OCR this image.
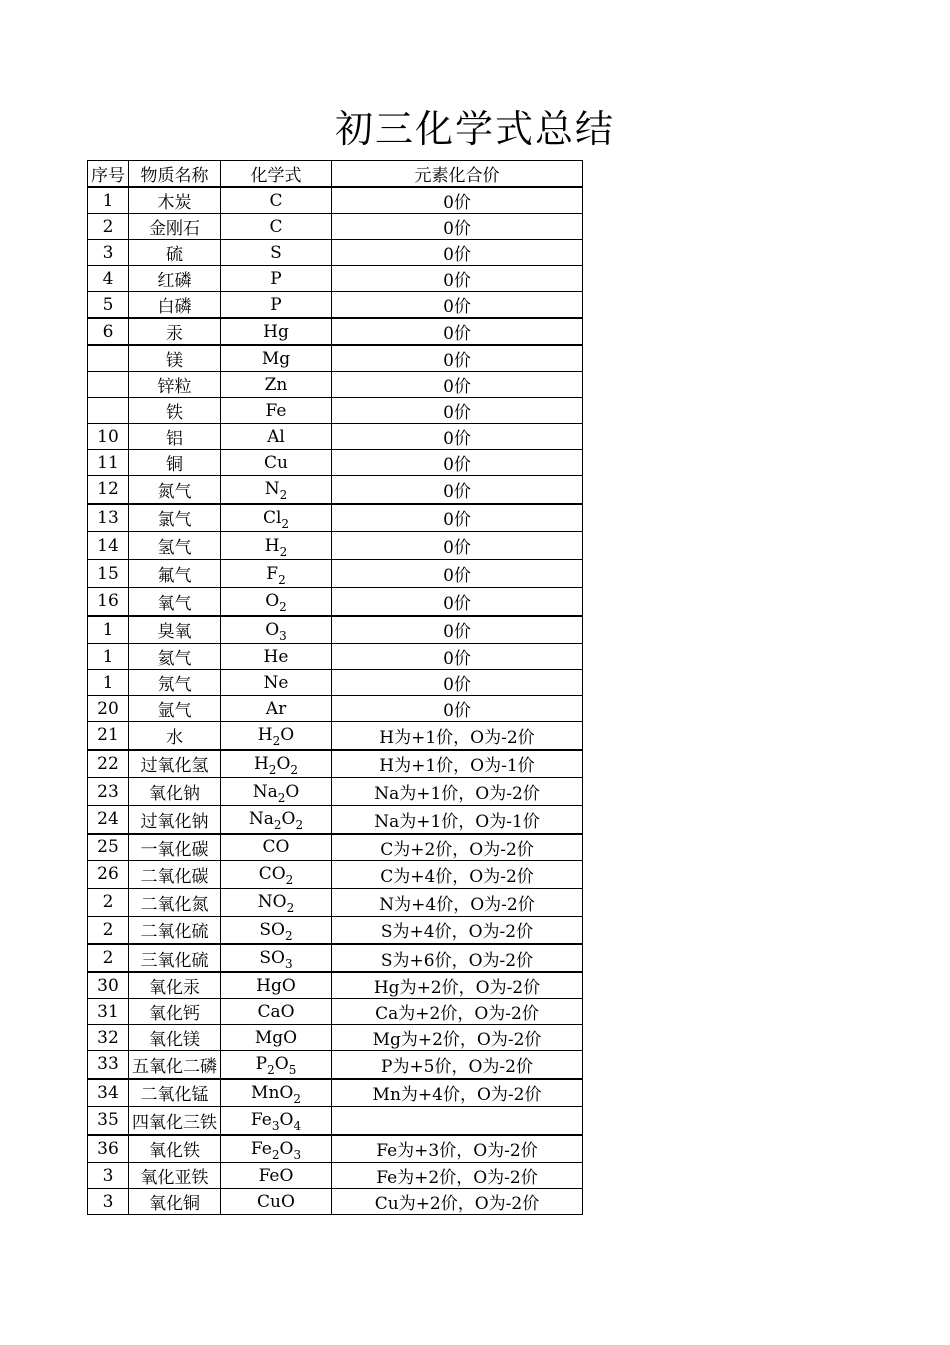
初三化学式总结
序号	物质名称	化学式	元素化合价
1	木炭	C	0价
2	金刚石	C	0价
3	硫	S	0价
4	红磷	P	0价
5	白磷	P	0价
6	汞	Hg	0价
	镁	Mg	0价
	锌粒	Zn	0价
	铁	Fe	0价
10	铝	Al	0价
11	铜	Cu	0价
12	氮气	$N_2$	0价
13	氯气	$Cl_2$	0价
14	氢气	$H_2$	0价
15	氟气	$F_2$	0价
16	氧气	$O_2$	0价
1	臭氧	$O_3$	0价
1	氦气	He	0价
1	氖气	Ne	0价
20	氩气	Ar	0价
21	水	$H_2O$	H为+1价，O为-2价
22	过氧化氢	$H_2O_2$	H为+1价，O为-1价
23	氧化钠	$Na_2O$	Na为+1价，O为-2价
24	过氧化钠	$Na_2O_2$	Na为+1价，O为-1价
25	一氧化碳	CO	C为+2价，O为-2价
26	二氧化碳	$CO_2$	C为+4价，O为-2价
2	二氧化氮	$NO_2$	N为+4价，O为-2价
2	二氧化硫	$SO_2$	S为+4价，O为-2价
2	三氧化硫	$SO_3$	S为+6价，O为-2价
30	氧化汞	HgO	Hg为+2价，O为-2价
31	氧化钙	CaO	Ca为+2价，O为-2价
32	氧化镁	MgO	Mg为+2价，O为-2价
33	五氧化二磷	$P_2O_5$	P为+5价，O为-2价
34	二氧化锰	MnO$_2$	Mn为+4价，O为-2价
35	四氧化三铁	$Fe_3O_4$	
36	氧化铁	$Fe_2O_3$	Fe为+3价，O为-2价
3	氧化亚铁	FeO	Fe为+2价，O为-2价
3	氧化铜	CuO	Cu为+2价，O为-2价
